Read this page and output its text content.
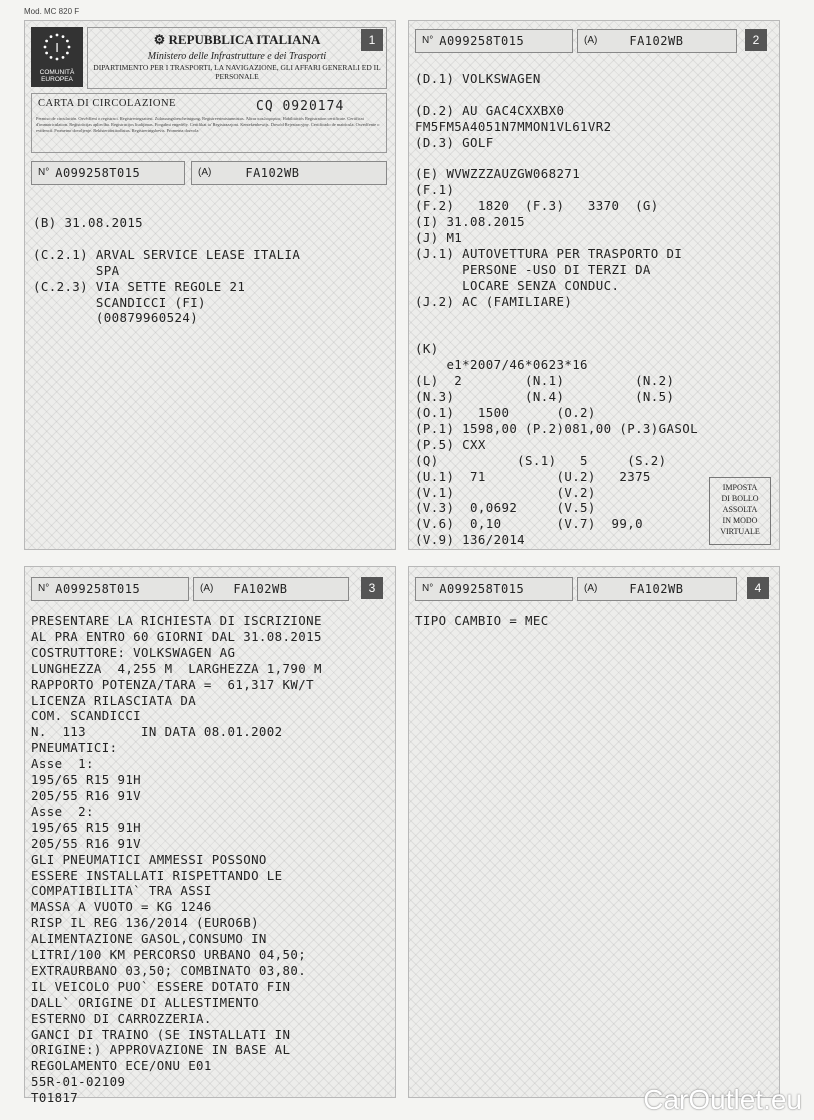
Mod. MC 820 F
I
COMUNITÀ EUROPEA
⚙ REPUBBLICA ITALIANA
Ministero delle Infrastrutture e dei Trasporti
DIPARTIMENTO PER I TRASPORTI, LA NAVIGAZIONE, GLI AFFARI GENERALI ED IL PERSONALE
1
CARTA DI CIRCOLAZIONE	CQ 0920174
Permiso de circulación. Osvědčení o registraci. Registreringsattest. Zulassungsbescheinigung. Registreerimistunnistus. Άδεια κυκλοφορίας. Habilitációs Registration certificate. Certificat d'immatriculation. Reģistrācijas apliecība. Registracijos liudijimas. Forgalmi engedély. Certifikat ta' Registrazzjoni. Kentekenbewijs. Dowód Rejestracyjny. Certificado de matrícula. Osvedčenie o evidencii. Prometno dovoljenje. Rekisteröintitodistus. Registreringsbevis. Prometna dozvola
$^{N^\circ}$ A099258T015	$^{(A)}$	FA102WB
(B) 31.08.2015

(C.2.1) ARVAL SERVICE LEASE ITALIA
SPA
(C.2.3) VIA SETTE REGOLE 21
SCANDICCI (FI)
(00879960524)
$^{N^\circ}$ A099258T015	$^{(A)}$	FA102WB	2
(D.1) VOLKSWAGEN

(D.2) AU GAC4CXXBX0
FM5FM5A4051N7MMON1VL61VR2
(D.3) GOLF

(E) WVWZZZAUZGW068271
(F.1)
(F.2)   1820  (F.3)   3370  (G)
(I) 31.08.2015
(J) M1
(J.1) AUTOVETTURA PER TRASPORTO DI
PERSONE -USO DI TERZI DA
LOCARE SENZA CONDUC.
(J.2) AC (FAMILIARE)

(K)
e1*2007/46*0623*16
(L)  2        (N.1)         (N.2)
(N.3)         (N.4)         (N.5)
(O.1)   1500      (O.2)
(P.1) 1598,00 (P.2)081,00 (P.3)GASOL
(P.5) CXX
(Q)          (S.1)   5     (S.2)
(U.1)  71         (U.2)   2375
(V.1)             (V.2)
(V.3)  0,0692     (V.5)
(V.6)  0,10       (V.7)  99,0
(V.9) 136/2014
IMPOSTA
DI BOLLO
ASSOLTA
IN MODO
VIRTUALE
$^{N^\circ}$ A099258T015	$^{(A)}$ FA102WB	3
PRESENTARE LA RICHIESTA DI ISCRIZIONE
AL PRA ENTRO 60 GIORNI DAL 31.08.2015
COSTRUTTORE: VOLKSWAGEN AG
LUNGHEZZA  4,255 M  LARGHEZZA 1,790 M
RAPPORTO POTENZA/TARA =  61,317 KW/T
LICENZA RILASCIATA DA
COM. SCANDICCI
N.  113       IN DATA 08.01.2002
PNEUMATICI:
Asse  1:
195/65 R15 91H
205/55 R16 91V
Asse  2:
195/65 R15 91H
205/55 R16 91V
GLI PNEUMATICI AMMESSI POSSONO
ESSERE INSTALLATI RISPETTANDO LE
COMPATIBILITA` TRA ASSI
MASSA A VUOTO = KG 1246
RISP IL REG 136/2014 (EURO6B)
ALIMENTAZIONE GASOL,CONSUMO IN
LITRI/100 KM PERCORSO URBANO 04,50;
EXTRAURBANO 03,50; COMBINATO 03,80.
IL VEICOLO PUO` ESSERE DOTATO FIN
DALL` ORIGINE DI ALLESTIMENTO
ESTERNO DI CARROZZERIA.
GANCI DI TRAINO (SE INSTALLATI IN
ORIGINE:) APPROVAZIONE IN BASE AL
REGOLAMENTO ECE/ONU E01
55R-01-02109
T01817
$^{N^\circ}$ A099258T015	$^{(A)}$	FA102WB	4
TIPO CAMBIO = MEC
CarOutlet.eu
